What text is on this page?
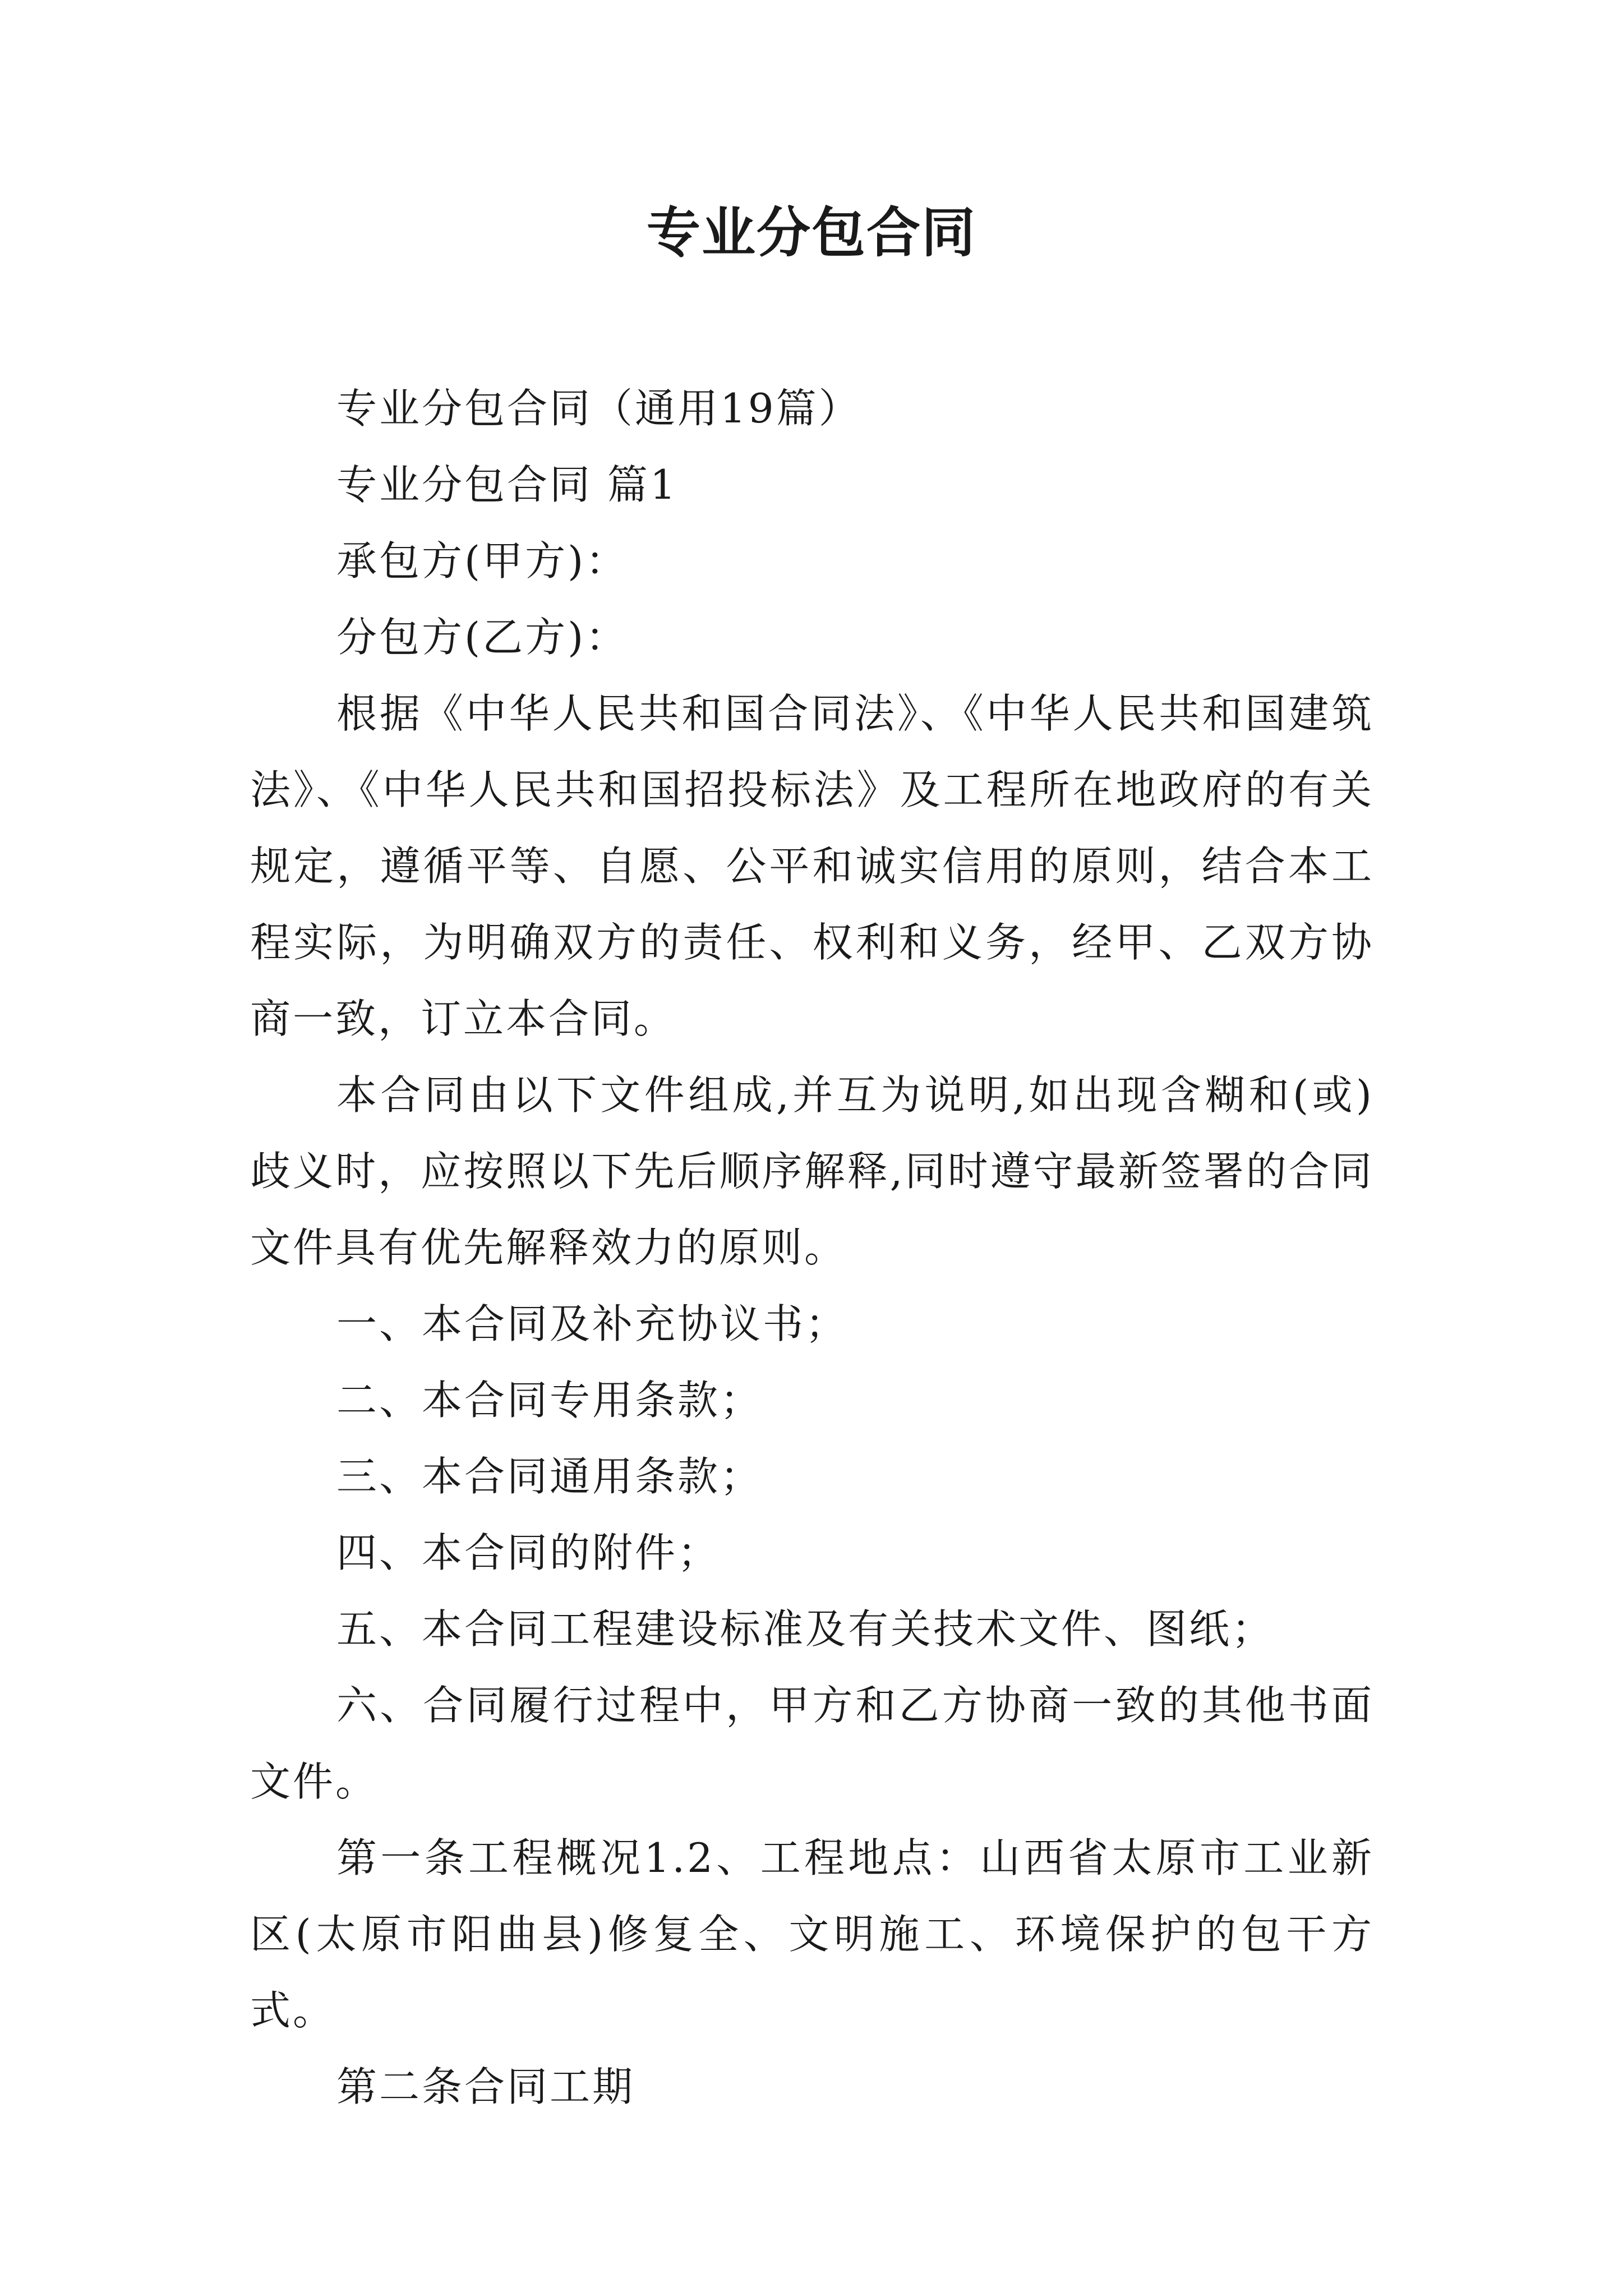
专业分包合同

专业分包合同（通用19篇）

专业分包合同 篇1

承包方(甲方)：

分包方(乙方)：

根据《中华人民共和国合同法》、《中华人民共和国建筑法》、《中华人民共和国招投标法》及工程所在地政府的有关规定，遵循平等、自愿、公平和诚实信用的原则，结合本工程实际，为明确双方的责任、权利和义务，经甲、乙双方协商一致，订立本合同。

本合同由以下文件组成,并互为说明,如出现含糊和(或)歧义时，应按照以下先后顺序解释,同时遵守最新签署的合同文件具有优先解释效力的原则。

一、本合同及补充协议书；

二、本合同专用条款；

三、本合同通用条款；

四、本合同的附件；

五、本合同工程建设标准及有关技术文件、图纸；

六、合同履行过程中，甲方和乙方协商一致的其他书面文件。

第一条工程概况1.2、工程地点：山西省太原市工业新区(太原市阳曲县)修复全、文明施工、环境保护的包干方式。

第二条合同工期
